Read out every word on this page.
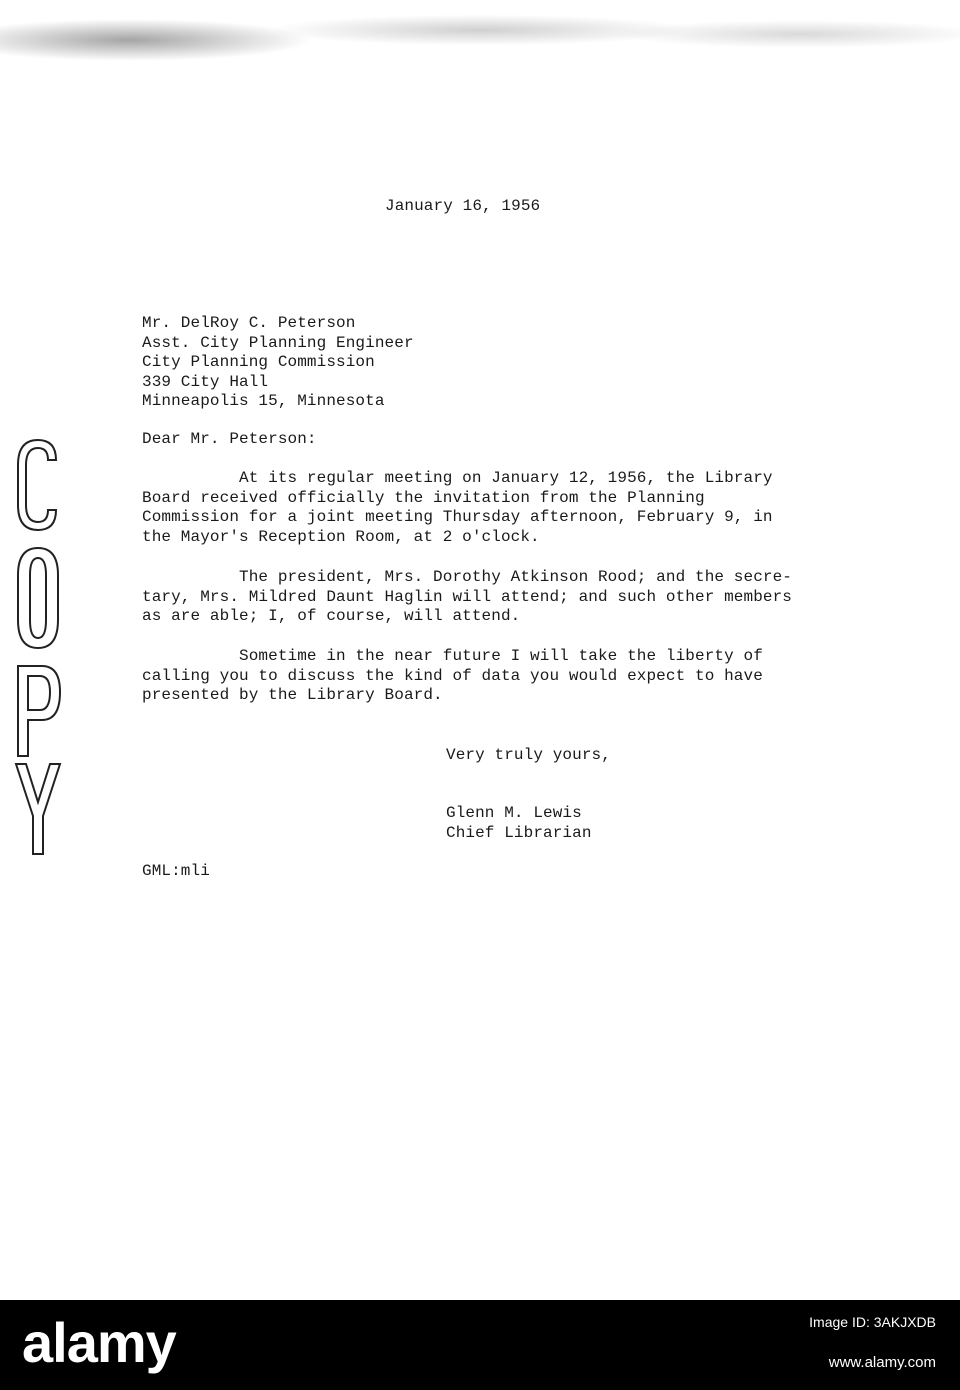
January 16, 1956
Mr. DelRoy C. Peterson
Asst. City Planning Engineer
City Planning Commission
339 City Hall
Minneapolis 15, Minnesota
Dear Mr. Peterson:
At its regular meeting on January 12, 1956, the Library
Board received officially the invitation from the Planning
Commission for a joint meeting Thursday afternoon, February 9, in
the Mayor's Reception Room, at 2 o'clock.
The president, Mrs. Dorothy Atkinson Rood; and the secre-
tary, Mrs. Mildred Daunt Haglin will attend; and such other members
as are able; I, of course, will attend.
Sometime in the near future I will take the liberty of
calling you to discuss the kind of data you would expect to have
presented by the Library Board.
Very truly yours,
Glenn M. Lewis
Chief Librarian
GML:mli
alamy	Image ID: 3AKJXDB
www.alamy.com
